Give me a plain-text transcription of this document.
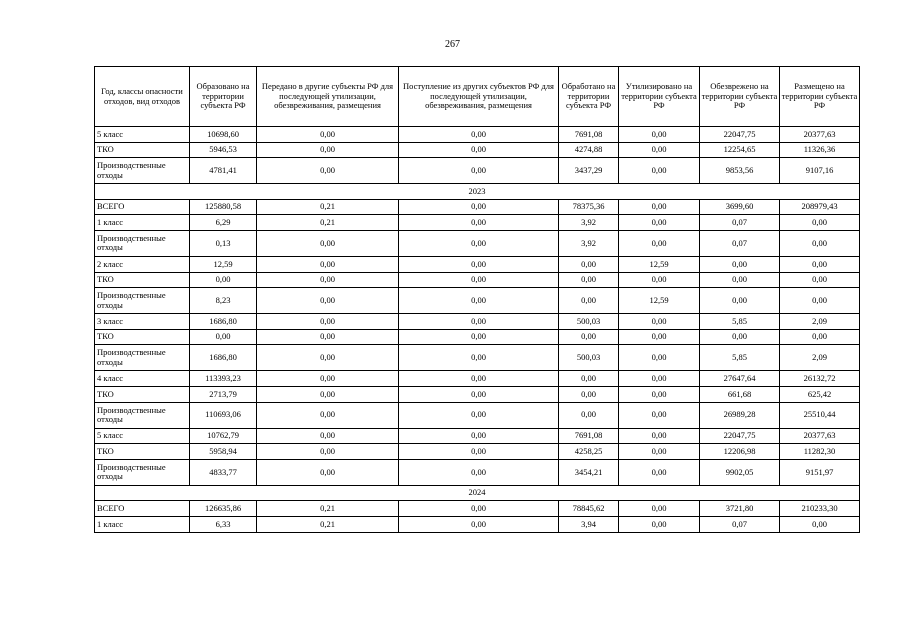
267
Год, классы опасности отходов, вид отходов	Образовано на территории субъекта РФ	Передано в другие субъекты РФ для последующей утилизации, обезвреживания, размещения	Поступление из других субъектов РФ для последующей утилизации, обезвреживания, размещения	Обработано на территории субъекта РФ	Утилизировано на территории субъекта РФ	Обезврежено на территории субъекта РФ	Размещено на территории субъекта РФ
5 класс	10698,60	0,00	0,00	7691,08	0,00	22047,75	20377,63
ТКО	5946,53	0,00	0,00	4274,88	0,00	12254,65	11326,36
Производственные отходы	4781,41	0,00	0,00	3437,29	0,00	9853,56	9107,16
2023							
ВСЕГО	125880,58	0,21	0,00	78375,36	0,00	3699,60	208979,43
1 класс	6,29	0,21	0,00	3,92	0,00	0,07	0,00
Производственные отходы	0,13	0,00	0,00	3,92	0,00	0,07	0,00
2 класс	12,59	0,00	0,00	0,00	12,59	0,00	0,00
ТКО	0,00	0,00	0,00	0,00	0,00	0,00	0,00
Производственные отходы	8,23	0,00	0,00	0,00	12,59	0,00	0,00
3 класс	1686,80	0,00	0,00	500,03	0,00	5,85	2,09
ТКО	0,00	0,00	0,00	0,00	0,00	0,00	0,00
Производственные отходы	1686,80	0,00	0,00	500,03	0,00	5,85	2,09
4 класс	113393,23	0,00	0,00	0,00	0,00	27647,64	26132,72
ТКО	2713,79	0,00	0,00	0,00	0,00	661,68	625,42
Производственные отходы	110693,06	0,00	0,00	0,00	0,00	26989,28	25510,44
5 класс	10762,79	0,00	0,00	7691,08	0,00	22047,75	20377,63
ТКО	5958,94	0,00	0,00	4258,25	0,00	12206,98	11282,30
Производственные отходы	4833,77	0,00	0,00	3454,21	0,00	9902,05	9151,97
2024							
ВСЕГО	126635,86	0,21	0,00	78845,62	0,00	3721,80	210233,30
1 класс	6,33	0,21	0,00	3,94	0,00	0,07	0,00
